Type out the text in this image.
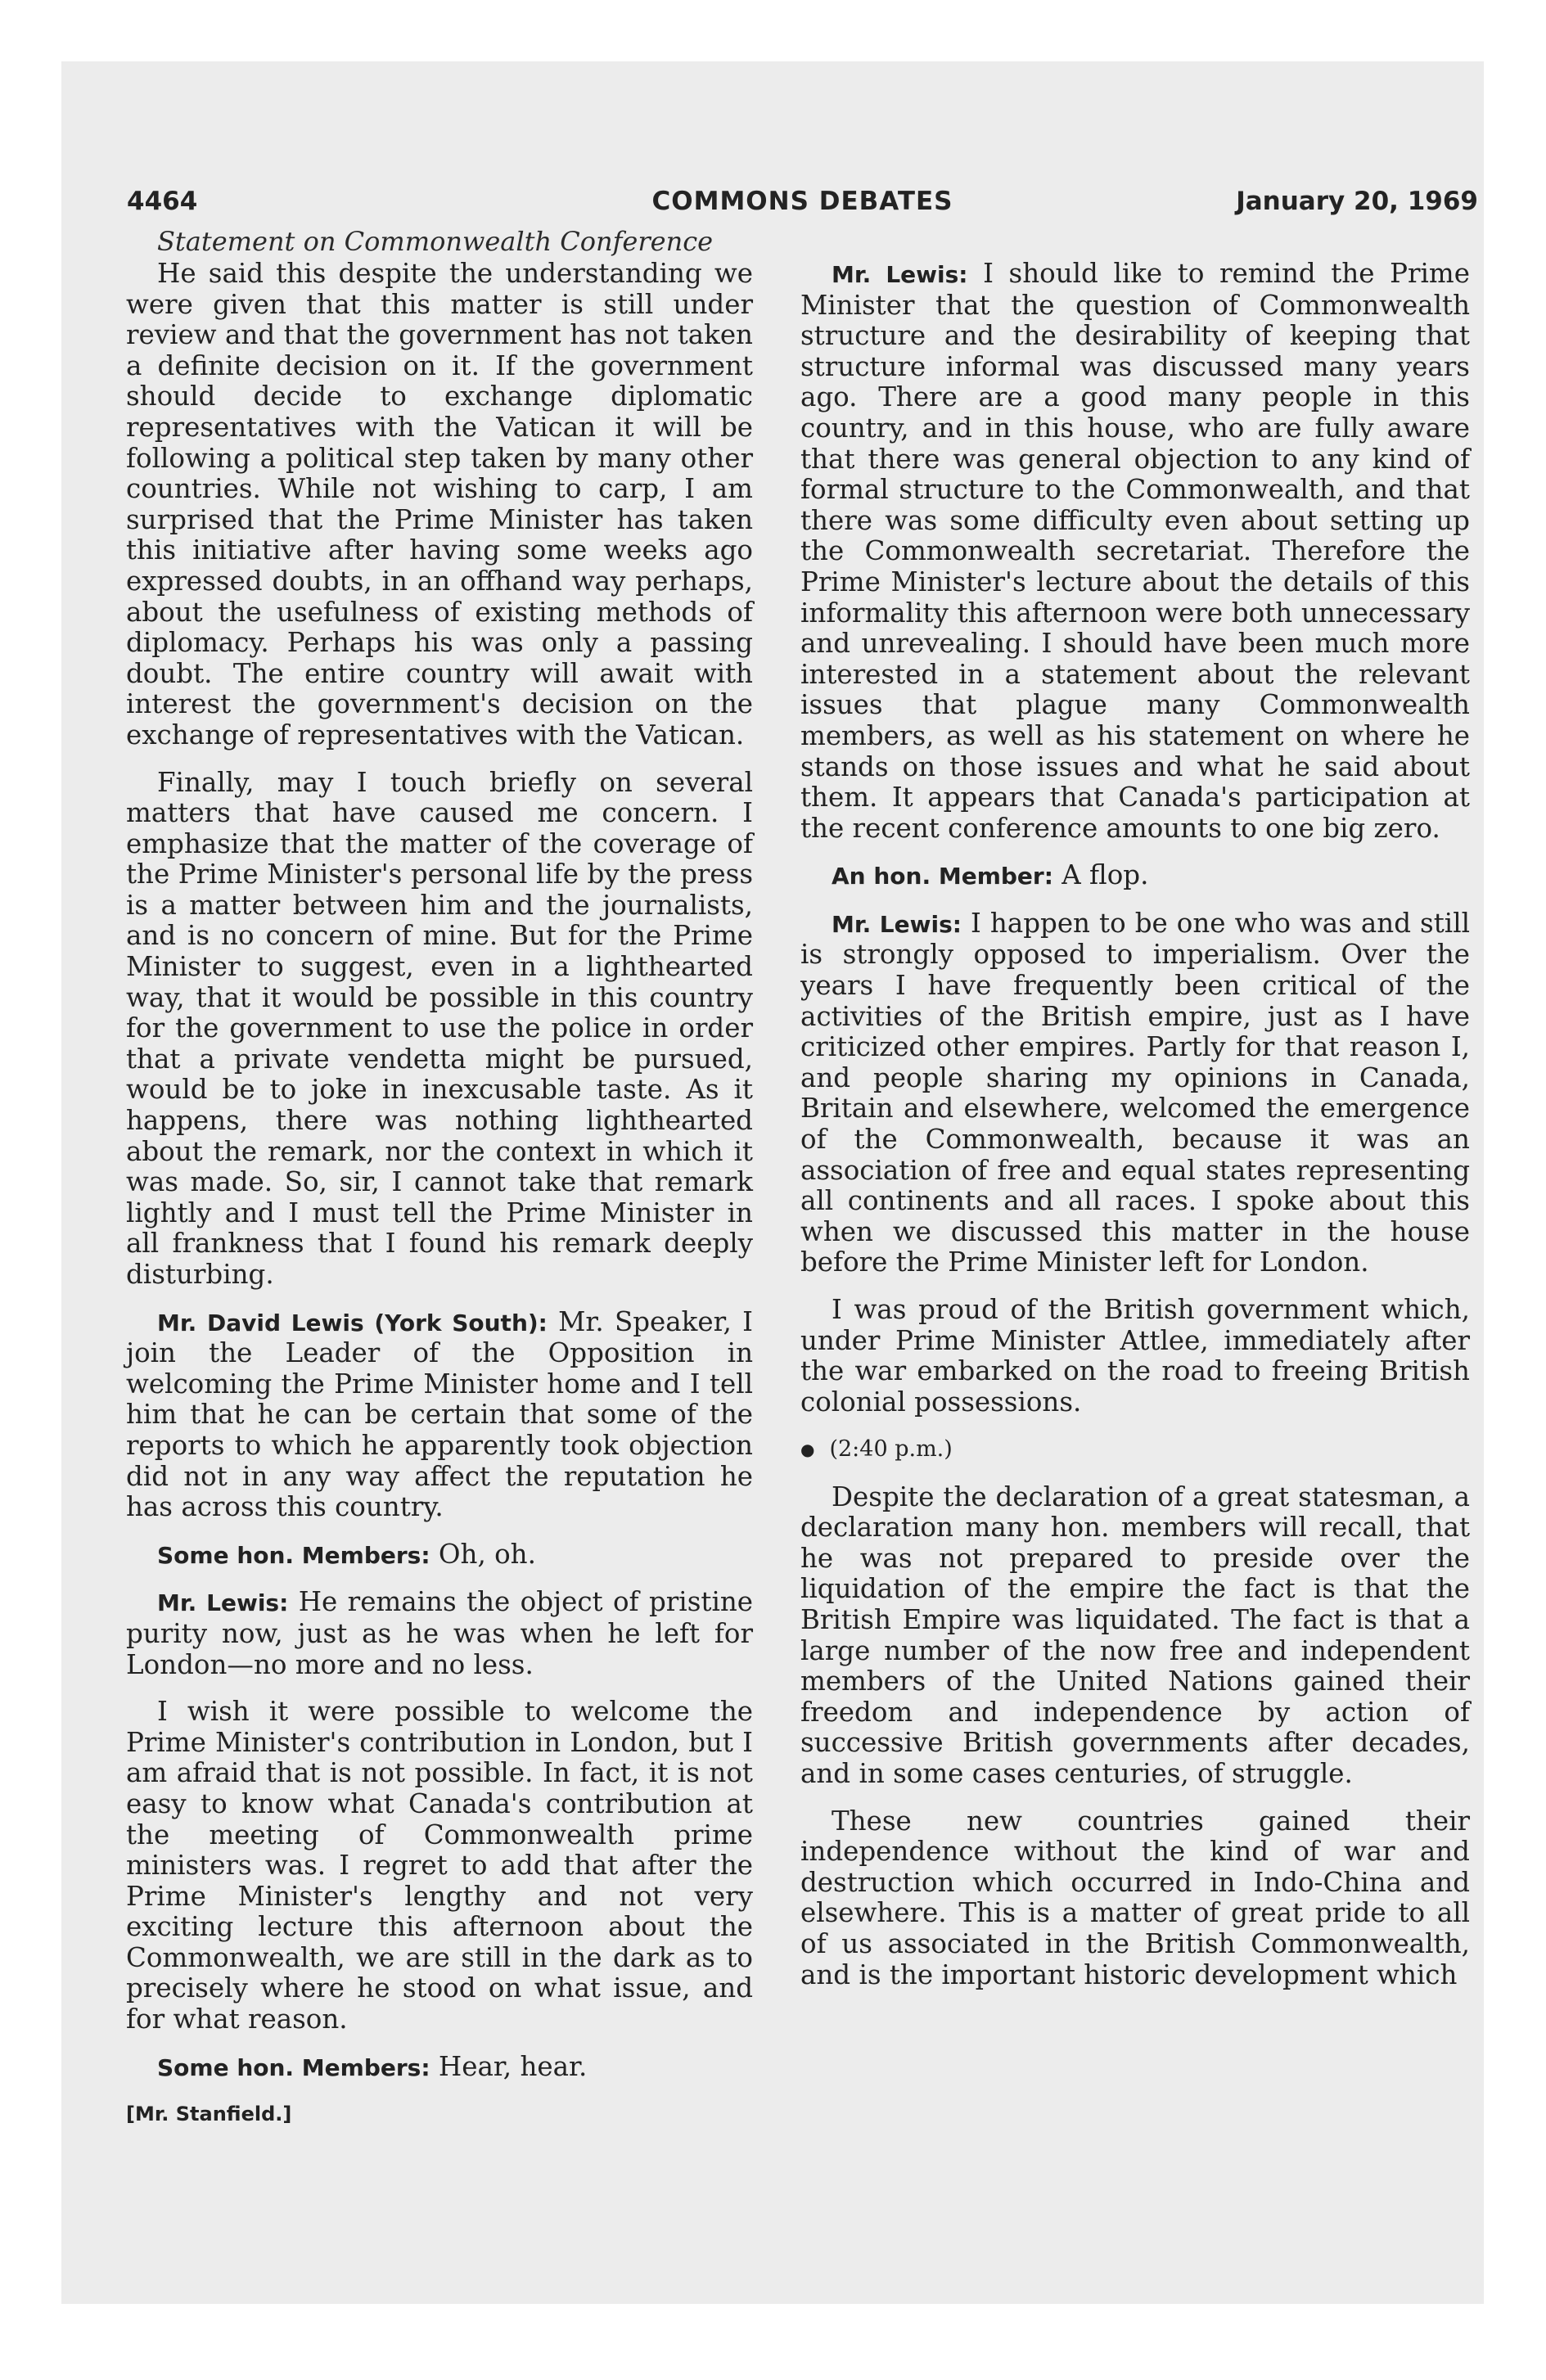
4464	COMMONS DEBATES	January 20, 1969
Statement on Commonwealth Conference

He said this despite the understanding we were given that this matter is still under review and that the government has not taken a definite decision on it. If the government should decide to exchange diplomatic representatives with the Vatican it will be following a political step taken by many other countries. While not wishing to carp, I am surprised that the Prime Minister has taken this initiative after having some weeks ago expressed doubts, in an offhand way perhaps, about the usefulness of existing methods of diplomacy. Perhaps his was only a passing doubt. The entire country will await with interest the government's decision on the exchange of representatives with the Vatican.

Finally, may I touch briefly on several matters that have caused me concern. I emphasize that the matter of the coverage of the Prime Minister's personal life by the press is a matter between him and the journalists, and is no concern of mine. But for the Prime Minister to suggest, even in a lighthearted way, that it would be possible in this country for the government to use the police in order that a private vendetta might be pursued, would be to joke in inexcusable taste. As it happens, there was nothing lighthearted about the remark, nor the context in which it was made. So, sir, I cannot take that remark lightly and I must tell the Prime Minister in all frankness that I found his remark deeply disturbing.

Mr. David Lewis (York South): Mr. Speaker, I join the Leader of the Opposition in welcoming the Prime Minister home and I tell him that he can be certain that some of the reports to which he apparently took objection did not in any way affect the reputation he has across this country.

Some hon. Members: Oh, oh.

Mr. Lewis: He remains the object of pristine purity now, just as he was when he left for London—no more and no less.

I wish it were possible to welcome the Prime Minister's contribution in London, but I am afraid that is not possible. In fact, it is not easy to know what Canada's contribution at the meeting of Commonwealth prime ministers was. I regret to add that after the Prime Minister's lengthy and not very exciting lecture this afternoon about the Commonwealth, we are still in the dark as to precisely where he stood on what issue, and for what reason.

Some hon. Members: Hear, hear.

[Mr. Stanfield.]

Mr. Lewis: I should like to remind the Prime Minister that the question of Commonwealth structure and the desirability of keeping that structure informal was discussed many years ago. There are a good many people in this country, and in this house, who are fully aware that there was general objection to any kind of formal structure to the Commonwealth, and that there was some difficulty even about setting up the Commonwealth secretariat. Therefore the Prime Minister's lecture about the details of this informality this afternoon were both unnecessary and unrevealing. I should have been much more interested in a statement about the relevant issues that plague many Commonwealth members, as well as his statement on where he stands on those issues and what he said about them. It appears that Canada's participation at the recent conference amounts to one big zero.

An hon. Member: A flop.

Mr. Lewis: I happen to be one who was and still is strongly opposed to imperialism. Over the years I have frequently been critical of the activities of the British empire, just as I have criticized other empires. Partly for that reason I, and people sharing my opinions in Canada, Britain and elsewhere, welcomed the emergence of the Commonwealth, because it was an association of free and equal states representing all continents and all races. I spoke about this when we discussed this matter in the house before the Prime Minister left for London.

I was proud of the British government which, under Prime Minister Attlee, immediately after the war embarked on the road to freeing British colonial possessions.

● (2:40 p.m.)

Despite the declaration of a great statesman, a declaration many hon. members will recall, that he was not prepared to preside over the liquidation of the empire the fact is that the British Empire was liquidated. The fact is that a large number of the now free and independent members of the United Nations gained their freedom and independence by action of successive British governments after decades, and in some cases centuries, of struggle.

These new countries gained their independence without the kind of war and destruction which occurred in Indo-China and elsewhere. This is a matter of great pride to all of us associated in the British Commonwealth, and is the important historic development which
